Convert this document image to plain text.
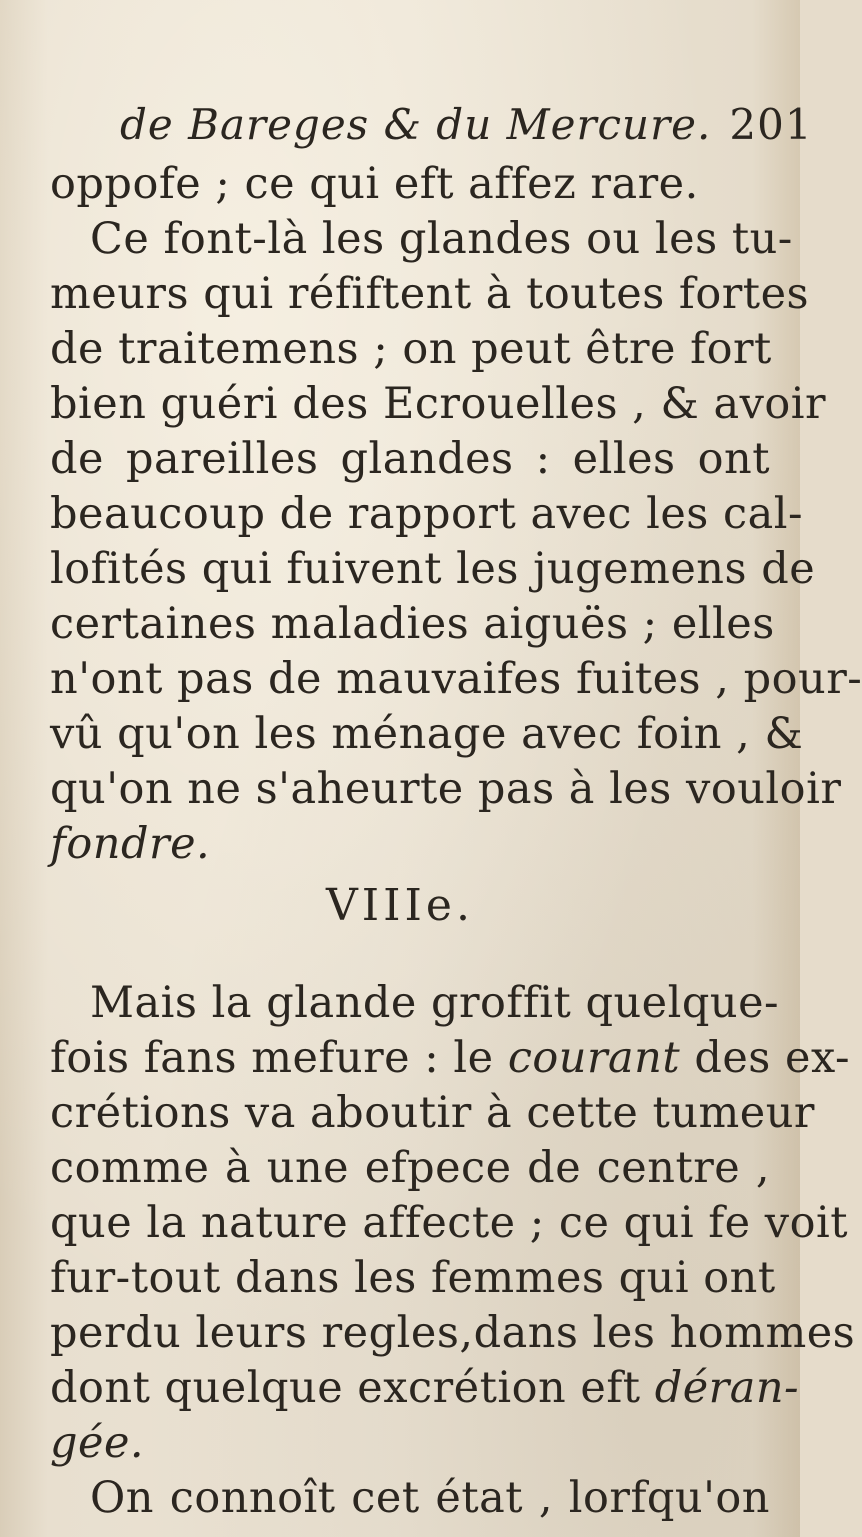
de Bareges & du Mercure. 201
oppofe ; ce qui eft affez rare.
Ce font-là les glandes ou les tu-
meurs qui réfiftent à toutes fortes
de traitemens ; on peut être fort
bien guéri des Ecrouelles , & avoir
de pareilles glandes : elles ont
beaucoup de rapport avec les cal-
lofités qui fuivent les jugemens de
certaines maladies aiguës ; elles
n'ont pas de mauvaifes fuites , pour-
vû qu'on les ménage avec foin , &
qu'on ne s'aheurte pas à les vouloir
fondre.
VIIIe.
Mais la glande groffit quelque-
fois fans mefure : le courant des ex-
crétions va aboutir à cette tumeur
comme à une efpece de centre ,
que la nature affecte ; ce qui fe voit
fur-tout dans les femmes qui ont
perdu leurs regles,dans les hommes
dont quelque excrétion eft déran-
gée.
On connoît cet état , lorfqu'on
